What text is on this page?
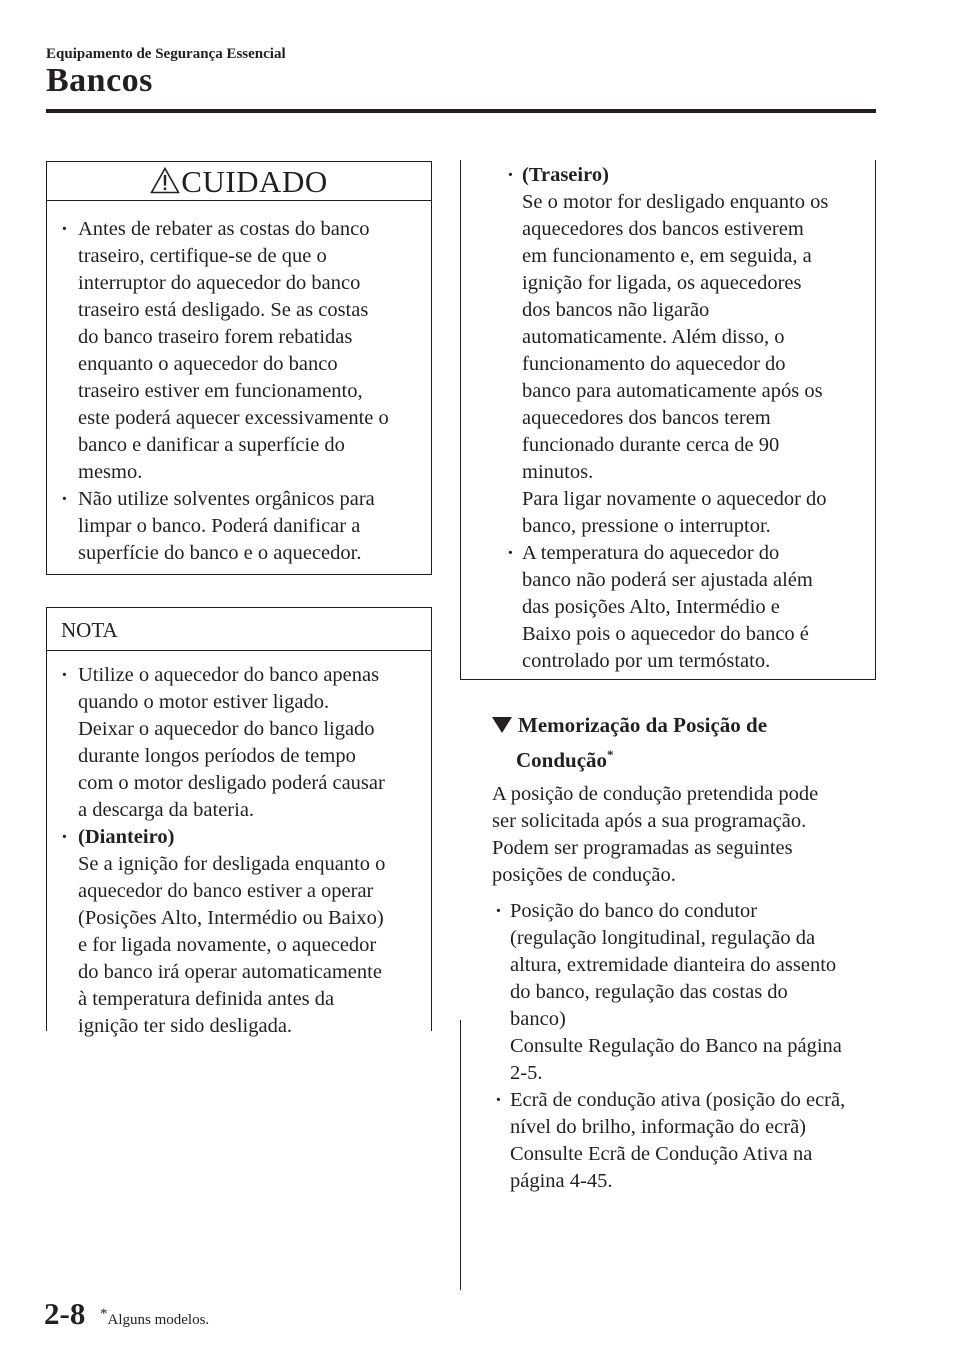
Equipamento de Segurança Essencial
Bancos
CUIDADO
· Antes de rebater as costas do banco
traseiro, certifique-se de que o
interruptor do aquecedor do banco
traseiro está desligado. Se as costas
do banco traseiro forem rebatidas
enquanto o aquecedor do banco
traseiro estiver em funcionamento,
este poderá aquecer excessivamente o
banco e danificar a superfície do
mesmo.
· Não utilize solventes orgânicos para
limpar o banco. Poderá danificar a
superfície do banco e o aquecedor.
NOTA
· Utilize o aquecedor do banco apenas
quando o motor estiver ligado.
Deixar o aquecedor do banco ligado
durante longos períodos de tempo
com o motor desligado poderá causar
a descarga da bateria.
· (Dianteiro)
Se a ignição for desligada enquanto o
aquecedor do banco estiver a operar
(Posições Alto, Intermédio ou Baixo)
e for ligada novamente, o aquecedor
do banco irá operar automaticamente
à temperatura definida antes da
ignição ter sido desligada.
· (Traseiro)
Se o motor for desligado enquanto os
aquecedores dos bancos estiverem
em funcionamento e, em seguida, a
ignição for ligada, os aquecedores
dos bancos não ligarão
automaticamente. Além disso, o
funcionamento do aquecedor do
banco para automaticamente após os
aquecedores dos bancos terem
funcionado durante cerca de 90
minutos.
Para ligar novamente o aquecedor do
banco, pressione o interruptor.
· A temperatura do aquecedor do
banco não poderá ser ajustada além
das posições Alto, Intermédio e
Baixo pois o aquecedor do banco é
controlado por um termóstato.
Memorização da Posição de
Condução*
A posição de condução pretendida pode
ser solicitada após a sua programação.
Podem ser programadas as seguintes
posições de condução.
· Posição do banco do condutor
(regulação longitudinal, regulação da
altura, extremidade dianteira do assento
do banco, regulação das costas do
banco)
Consulte Regulação do Banco na página
2-5.
· Ecrã de condução ativa (posição do ecrã,
nível do brilho, informação do ecrã)
Consulte Ecrã de Condução Ativa na
página 4-45.
2-8 *Alguns modelos.
